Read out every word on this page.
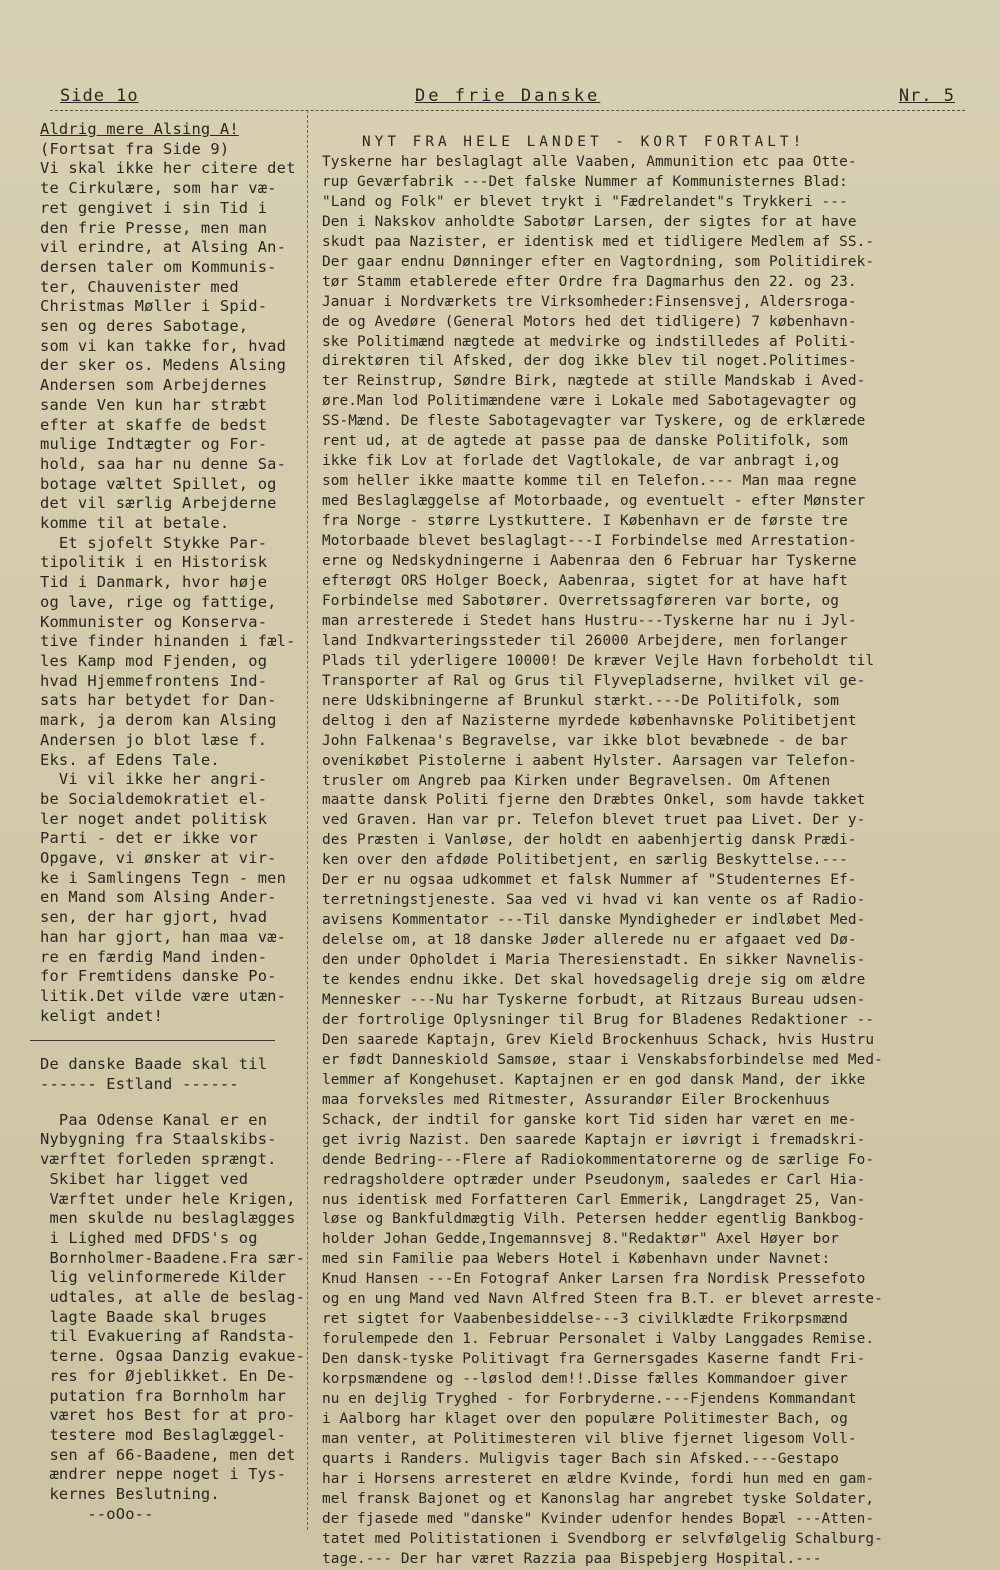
Side 1o	De frie Danske	Nr. 5
Aldrig mere Alsing A!
(Fortsat fra Side 9)
Vi skal ikke her citere det
te Cirkulære, som har væ-
ret gengivet i sin Tid i
den frie Presse, men man
vil erindre, at Alsing An-
dersen taler om Kommunis-
ter, Chauvenister med
Christmas Møller i Spid-
sen og deres Sabotage,
som vi kan takke for, hvad
der sker os. Medens Alsing
Andersen som Arbejdernes
sande Ven kun har stræbt
efter at skaffe de bedst
mulige Indtægter og For-
hold, saa har nu denne Sa-
botage væltet Spillet, og
det vil særlig Arbejderne
komme til at betale.
Et sjofelt Stykke Par-
tipolitik i en Historisk
Tid i Danmark, hvor høje
og lave, rige og fattige,
Kommunister og Konserva-
tive finder hinanden i fæl-
les Kamp mod Fjenden, og
hvad Hjemmefrontens Ind-
sats har betydet for Dan-
mark, ja derom kan Alsing
Andersen jo blot læse f.
Eks. af Edens Tale.
Vi vil ikke her angri-
be Socialdemokratiet el-
ler noget andet politisk
Parti - det er ikke vor
Opgave, vi ønsker at vir-
ke i Samlingens Tegn - men
en Mand som Alsing Ander-
sen, der har gjort, hvad
han har gjort, han maa væ-
re en færdig Mand inden-
for Fremtidens danske Po-
litik.Det vilde være utæn-
keligt andet!
De danske Baade skal til
------ Estland ------
Paa Odense Kanal er en
Nybygning fra Staalskibs-
værftet forleden sprængt.
Skibet har ligget ved
Værftet under hele Krigen,
men skulde nu beslaglægges
i Lighed med DFDS's og
Bornholmer-Baadene.Fra sær-
lig velinformerede Kilder
udtales, at alle de beslag-
lagte Baade skal bruges
til Evakuering af Randsta-
terne. Ogsaa Danzig evakue-
res for Øjeblikket. En De-
putation fra Bornholm har
været hos Best for at pro-
testere mod Beslaglæggel-
sen af 66-Baadene, men det
ændrer neppe noget i Tys-
kernes Beslutning.
--oOo--
NYT FRA HELE LANDET - KORT FORTALT!
Tyskerne har beslaglagt alle Vaaben, Ammunition etc paa Otte-
rup Geværfabrik ---Det falske Nummer af Kommunisternes Blad:
"Land og Folk" er blevet trykt i "Fædrelandet"s Trykkeri ---
Den i Nakskov anholdte Sabotør Larsen, der sigtes for at have
skudt paa Nazister, er identisk med et tidligere Medlem af SS.-
Der gaar endnu Dønninger efter en Vagtordning, som Politidirek-
tør Stamm etablerede efter Ordre fra Dagmarhus den 22. og 23.
Januar i Nordværkets tre Virksomheder:Finsensvej, Aldersroga-
de og Avedøre (General Motors hed det tidligere) 7 københavn-
ske Politimænd nægtede at medvirke og indstilledes af Politi-
direktøren til Afsked, der dog ikke blev til noget.Politimes-
ter Reinstrup, Søndre Birk, nægtede at stille Mandskab i Aved-
øre.Man lod Politimændene være i Lokale med Sabotagevagter og
SS-Mænd. De fleste Sabotagevagter var Tyskere, og de erklærede
rent ud, at de agtede at passe paa de danske Politifolk, som
ikke fik Lov at forlade det Vagtlokale, de var anbragt i,og
som heller ikke maatte komme til en Telefon.--- Man maa regne
med Beslaglæggelse af Motorbaade, og eventuelt - efter Mønster
fra Norge - større Lystkuttere. I København er de første tre
Motorbaade blevet beslaglagt---I Forbindelse med Arrestation-
erne og Nedskydningerne i Aabenraa den 6 Februar har Tyskerne
efterøgt ORS Holger Boeck, Aabenraa, sigtet for at have haft
Forbindelse med Sabotører. Overretssagføreren var borte, og
man arresterede i Stedet hans Hustru---Tyskerne har nu i Jyl-
land Indkvarteringssteder til 26000 Arbejdere, men forlanger
Plads til yderligere 10000! De kræver Vejle Havn forbeholdt til
Transporter af Ral og Grus til Flyvepladserne, hvilket vil ge-
nere Udskibningerne af Brunkul stærkt.---De Politifolk, som
deltog i den af Nazisterne myrdede københavnske Politibetjent
John Falkenaa's Begravelse, var ikke blot bevæbnede - de bar
ovenikøbet Pistolerne i aabent Hylster. Aarsagen var Telefon-
trusler om Angreb paa Kirken under Begravelsen. Om Aftenen
maatte dansk Politi fjerne den Dræbtes Onkel, som havde takket
ved Graven. Han var pr. Telefon blevet truet paa Livet. Der y-
des Præsten i Vanløse, der holdt en aabenhjertig dansk Prædi-
ken over den afdøde Politibetjent, en særlig Beskyttelse.---
Der er nu ogsaa udkommet et falsk Nummer af "Studenternes Ef-
terretningstjeneste. Saa ved vi hvad vi kan vente os af Radio-
avisens Kommentator ---Til danske Myndigheder er indløbet Med-
delelse om, at 18 danske Jøder allerede nu er afgaaet ved Dø-
den under Opholdet i Maria Theresienstadt. En sikker Navnelis-
te kendes endnu ikke. Det skal hovedsagelig dreje sig om ældre
Mennesker ---Nu har Tyskerne forbudt, at Ritzaus Bureau udsen-
der fortrolige Oplysninger til Brug for Bladenes Redaktioner --
Den saarede Kaptajn, Grev Kield Brockenhuus Schack, hvis Hustru
er født Danneskiold Samsøe, staar i Venskabsforbindelse med Med-
lemmer af Kongehuset. Kaptajnen er en god dansk Mand, der ikke
maa forveksles med Ritmester, Assurandør Eiler Brockenhuus
Schack, der indtil for ganske kort Tid siden har været en me-
get ivrig Nazist. Den saarede Kaptajn er iøvrigt i fremadskri-
dende Bedring---Flere af Radiokommentatorerne og de særlige Fo-
redragsholdere optræder under Pseudonym, saaledes er Carl Hia-
nus identisk med Forfatteren Carl Emmerik, Langdraget 25, Van-
løse og Bankfuldmægtig Vilh. Petersen hedder egentlig Bankbog-
holder Johan Gedde,Ingemannsvej 8."Redaktør" Axel Høyer bor
med sin Familie paa Webers Hotel i København under Navnet:
Knud Hansen ---En Fotograf Anker Larsen fra Nordisk Pressefoto
og en ung Mand ved Navn Alfred Steen fra B.T. er blevet arreste-
ret sigtet for Vaabenbesiddelse---3 civilklædte Frikorpsmænd
forulempede den 1. Februar Personalet i Valby Langgades Remise.
Den dansk-tyske Politivagt fra Gernersgades Kaserne fandt Fri-
korpsmændene og --løslod dem!!.Disse fælles Kommandoer giver
nu en dejlig Tryghed - for Forbryderne.---Fjendens Kommandant
i Aalborg har klaget over den populære Politimester Bach, og
man venter, at Politimesteren vil blive fjernet ligesom Voll-
quarts i Randers. Muligvis tager Bach sin Afsked.---Gestapo
har i Horsens arresteret en ældre Kvinde, fordi hun med en gam-
mel fransk Bajonet og et Kanonslag har angrebet tyske Soldater,
der fjasede med "danske" Kvinder udenfor hendes Bopæl ---Atten-
tatet med Politistationen i Svendborg er selvfølgelig Schalburg-
tage.--- Der har været Razzia paa Bispebjerg Hospital.---
